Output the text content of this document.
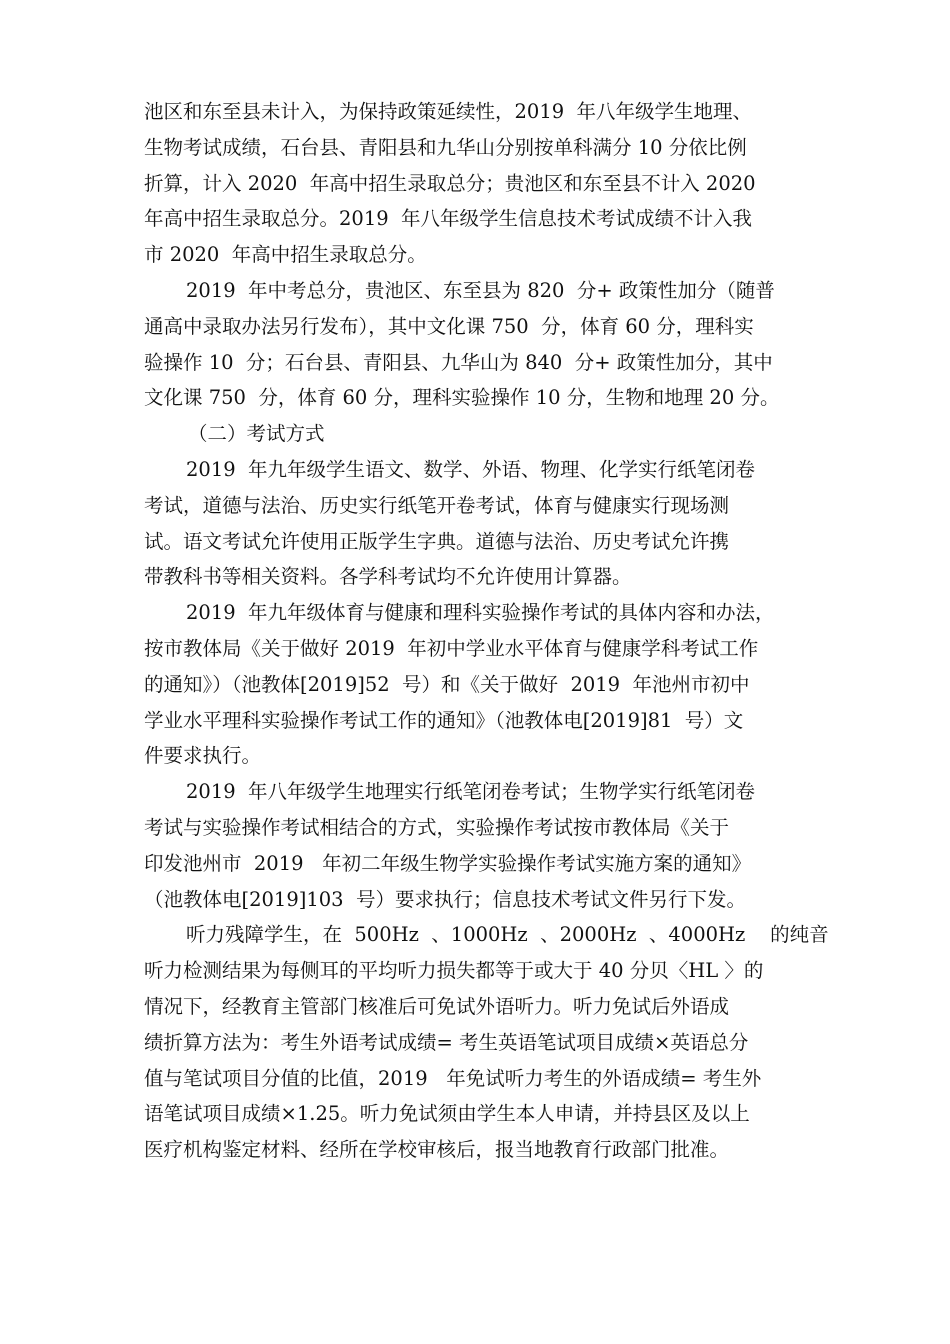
池区和东至县未计入，为保持政策延续性，2019  年八年级学生地理、
生物考试成绩，石台县、青阳县和九华山分别按单科满分 10 分依比例
折算，计入 2020  年高中招生录取总分；贵池区和东至县不计入 2020
年高中招生录取总分。2019  年八年级学生信息技术考试成绩不计入我
市 2020  年高中招生录取总分。
2019  年中考总分，贵池区、东至县为 820  分+ 政策性加分（随普
通高中录取办法另行发布），其中文化课 750  分，体育 60 分，理科实
验操作 10  分；石台县、青阳县、九华山为 840  分+ 政策性加分，其中
文化课 750  分，体育 60 分，理科实验操作 10 分，生物和地理 20 分。
（二）考试方式
2019  年九年级学生语文、数学、外语、物理、化学实行纸笔闭卷
考试，道德与法治、历史实行纸笔开卷考试，体育与健康实行现场测
试。语文考试允许使用正版学生字典。道德与法治、历史考试允许携
带教科书等相关资料。各学科考试均不允许使用计算器。
2019  年九年级体育与健康和理科实验操作考试的具体内容和办法，
按市教体局《关于做好 2019  年初中学业水平体育与健康学科考试工作
的通知》）（池教体[2019]52  号）和《关于做好  2019  年池州市初中
学业水平理科实验操作考试工作的通知》（池教体电[2019]81  号）文
件要求执行。
2019  年八年级学生地理实行纸笔闭卷考试；生物学实行纸笔闭卷
考试与实验操作考试相结合的方式，实验操作考试按市教体局《关于
印发池州市  2019   年初二年级生物学实验操作考试实施方案的通知》
（池教体电[2019]103  号）要求执行；信息技术考试文件另行下发。
听力残障学生，在  500Hz  、1000Hz  、2000Hz  、4000Hz    的纯音
听力检测结果为每侧耳的平均听力损失都等于或大于 40 分贝〈HL 〉的
情况下，经教育主管部门核准后可免试外语听力。听力免试后外语成
绩折算方法为：考生外语考试成绩= 考生英语笔试项目成绩×英语总分
值与笔试项目分值的比值，2019   年免试听力考生的外语成绩= 考生外
语笔试项目成绩×1.25。听力免试须由学生本人申请，并持县区及以上
医疗机构鉴定材料、经所在学校审核后，报当地教育行政部门批准。
